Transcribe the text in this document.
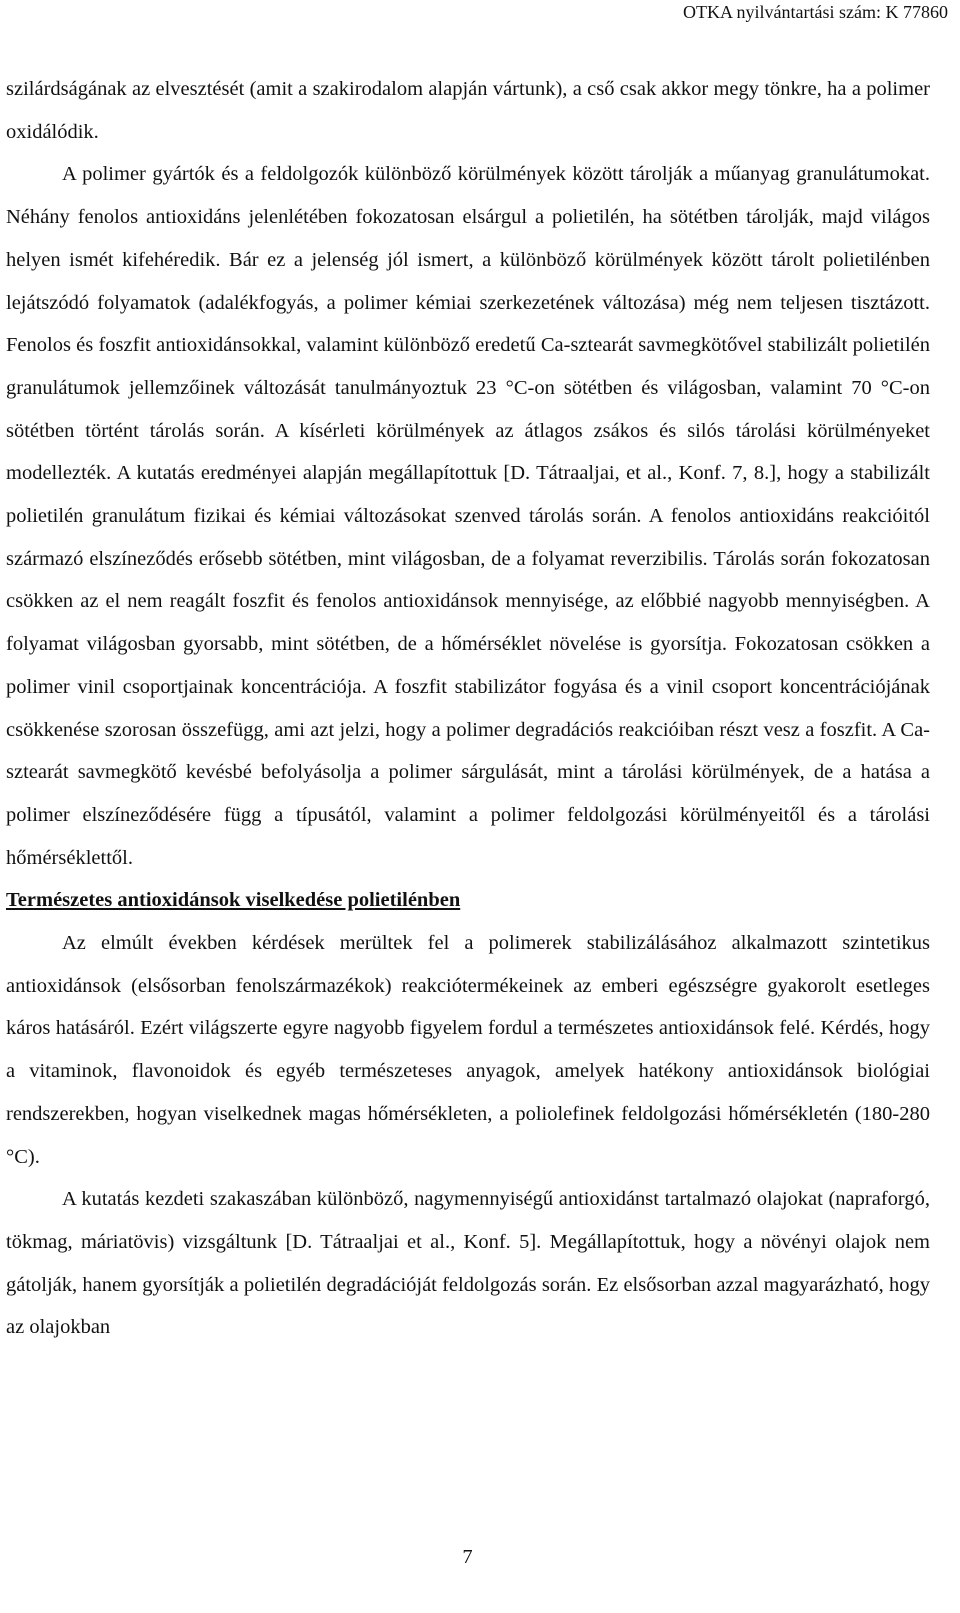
OTKA nyilvántartási szám: K 77860

szilárdságának az elvesztését (amit a szakirodalom alapján vártunk), a cső csak akkor megy tönkre, ha a polimer oxidálódik.

A polimer gyártók és a feldolgozók különböző körülmények között tárolják a műanyag granulátumokat. Néhány fenolos antioxidáns jelenlétében fokozatosan elsárgul a polietilén, ha sötétben tárolják, majd világos helyen ismét kifehéredik. Bár ez a jelenség jól ismert, a különböző körülmények között tárolt polietilénben lejátszódó folyamatok (adalékfogyás, a polimer kémiai szerkezetének változása) még nem teljesen tisztázott. Fenolos és foszfit antioxidánsokkal, valamint különböző eredetű Ca-sztearát savmegkötővel stabilizált polietilén granulátumok jellemzőinek változását tanulmányoztuk 23 °C-on sötétben és világosban, valamint 70 °C-on sötétben történt tárolás során. A kísérleti körülmények az átlagos zsákos és silós tárolási körülményeket modellezték. A kutatás eredményei alapján megállapítottuk [D. Tátraaljai, et al., Konf. 7, 8.], hogy a stabilizált polietilén granulátum fizikai és kémiai változásokat szenved tárolás során. A fenolos antioxidáns reakcióitól származó elszíneződés erősebb sötétben, mint világosban, de a folyamat reverzibilis. Tárolás során fokozatosan csökken az el nem reagált foszfit és fenolos antioxidánsok mennyisége, az előbbié nagyobb mennyiségben. A folyamat világosban gyorsabb, mint sötétben, de a hőmérséklet növelése is gyorsítja. Fokozatosan csökken a polimer vinil csoportjainak koncentrációja. A foszfit stabilizátor fogyása és a vinil csoport koncentrációjának csökkenése szorosan összefügg, ami azt jelzi, hogy a polimer degradációs reakcióiban részt vesz a foszfit. A Ca-sztearát savmegkötő kevésbé befolyásolja a polimer sárgulását, mint a tárolási körülmények, de a hatása a polimer elszíneződésére függ a típusától, valamint a polimer feldolgozási körülményeitől és a tárolási hőmérséklettől.

Természetes antioxidánsok viselkedése polietilénben

Az elmúlt években kérdések merültek fel a polimerek stabilizálásához alkalmazott szintetikus antioxidánsok (elsősorban fenolszármazékok) reakciótermékeinek az emberi egészségre gyakorolt esetleges káros hatásáról. Ezért világszerte egyre nagyobb figyelem fordul a természetes antioxidánsok felé. Kérdés, hogy a vitaminok, flavonoidok és egyéb természeteses anyagok, amelyek hatékony antioxidánsok biológiai rendszerekben, hogyan viselkednek magas hőmérsékleten, a poliolefinek feldolgozási hőmérsékletén (180-280 °C).

A kutatás kezdeti szakaszában különböző, nagymennyiségű antioxidánst tartalmazó olajokat (napraforgó, tökmag, máriatövis) vizsgáltunk [D. Tátraaljai et al., Konf. 5]. Megállapítottuk, hogy a növényi olajok nem gátolják, hanem gyorsítják a polietilén degradációját feldolgozás során. Ez elsősorban azzal magyarázható, hogy az olajokban

7
